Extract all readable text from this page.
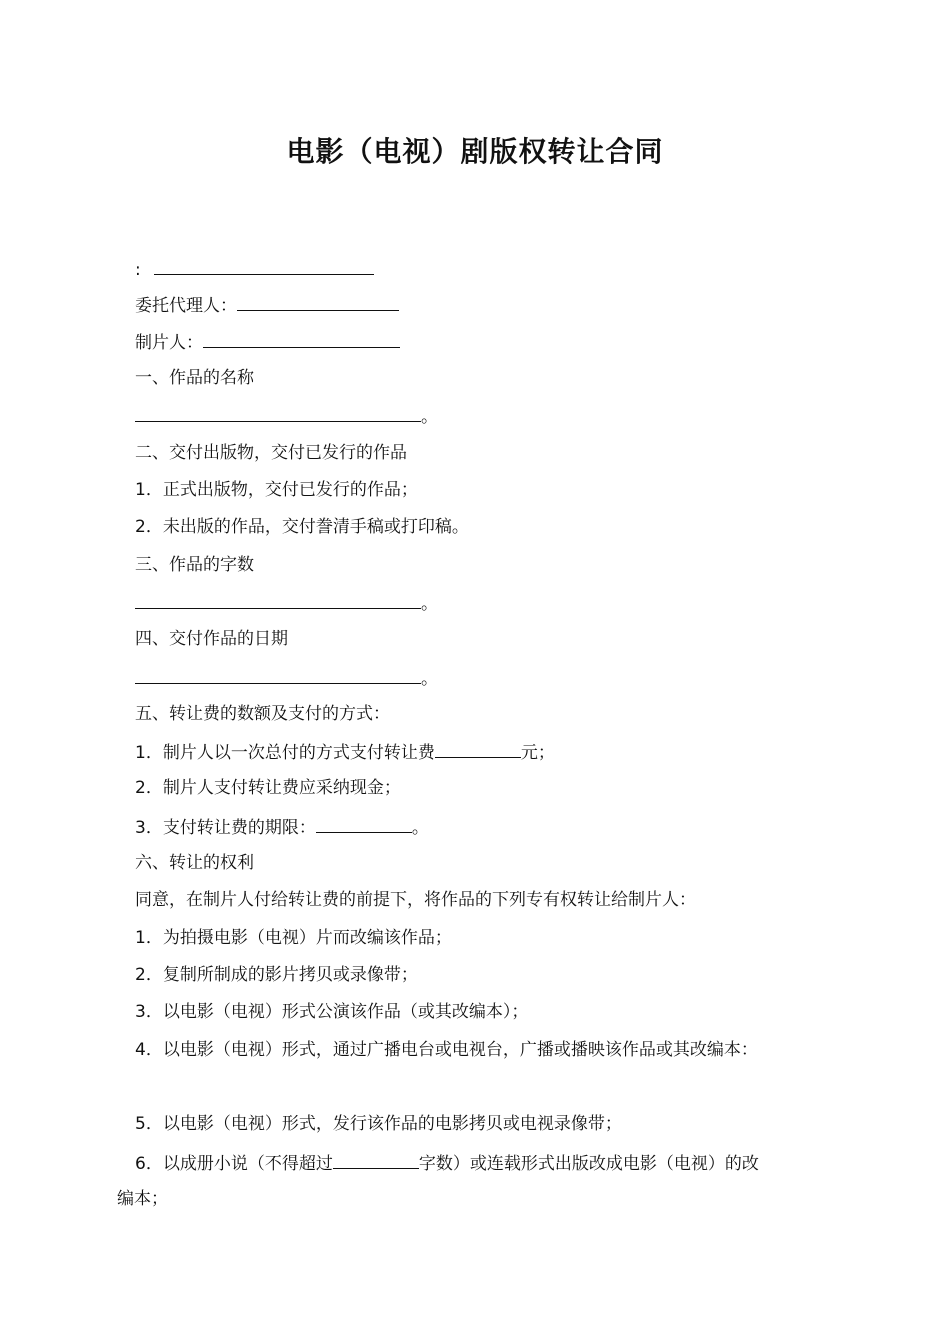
电影（电视）剧版权转让合同
:
委托代理人：
制片人：
一、作品的名称
。
二、交付出版物，交付已发行的作品
1．正式出版物，交付已发行的作品；
2．未出版的作品，交付誊清手稿或打印稿。
三、作品的字数
。
四、交付作品的日期
。
五、转让费的数额及支付的方式：
1．制片人以一次总付的方式支付转让费	元；
2．制片人支付转让费应采纳现金；
3．支付转让费的期限：	。
六、转让的权利
同意，在制片人付给转让费的前提下，将作品的下列专有权转让给制片人：
1．为拍摄电影（电视）片而改编该作品；
2．复制所制成的影片拷贝或录像带；
3．以电影（电视）形式公演该作品（或其改编本）；
4．以电影（电视）形式，通过广播电台或电视台，广播或播映该作品或其改编本：
5．以电影（电视）形式，发行该作品的电影拷贝或电视录像带；
6．以成册小说（不得超过	字数）或连载形式出版改成电影（电视）的改
编本；
